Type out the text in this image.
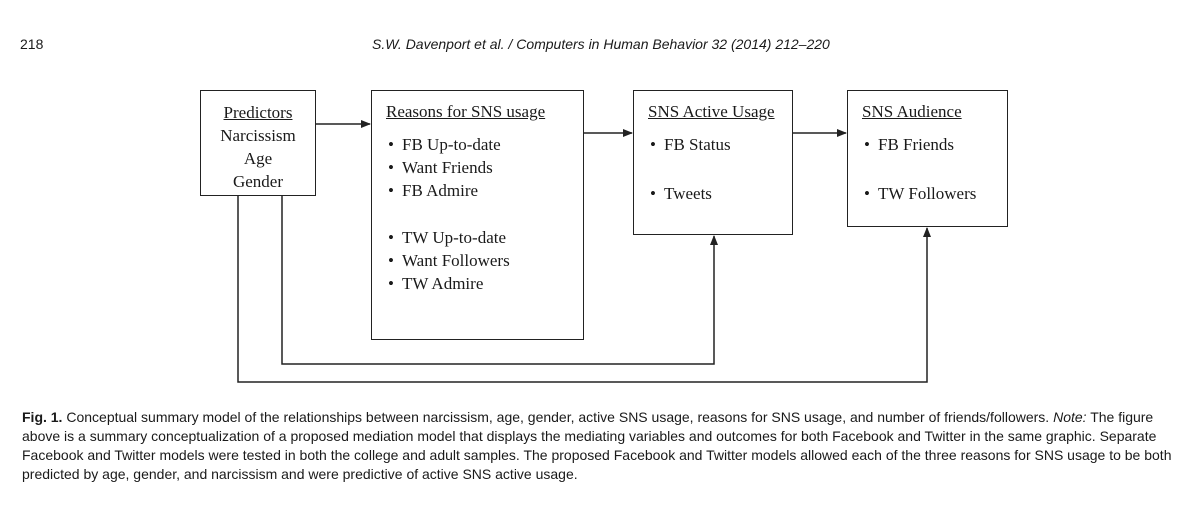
218	S.W. Davenport et al. / Computers in Human Behavior 32 (2014) 212–220
Predictors
Narcissism
Age
Gender
Reasons for SNS usage
• FB Up-to-date
• Want Friends
• FB Admire
• TW Up-to-date
• Want Followers
• TW Admire
SNS Active Usage
• FB Status
• Tweets
SNS Audience
• FB Friends
• TW Followers
Fig. 1. Conceptual summary model of the relationships between narcissism, age, gender, active SNS usage, reasons for SNS usage, and number of friends/followers. Note: The figure above is a summary conceptualization of a proposed mediation model that displays the mediating variables and outcomes for both Facebook and Twitter in the same graphic. Separate Facebook and Twitter models were tested in both the college and adult samples. The proposed Facebook and Twitter models allowed each of the three reasons for SNS usage to be both predicted by age, gender, and narcissism and were predictive of active SNS active usage.
